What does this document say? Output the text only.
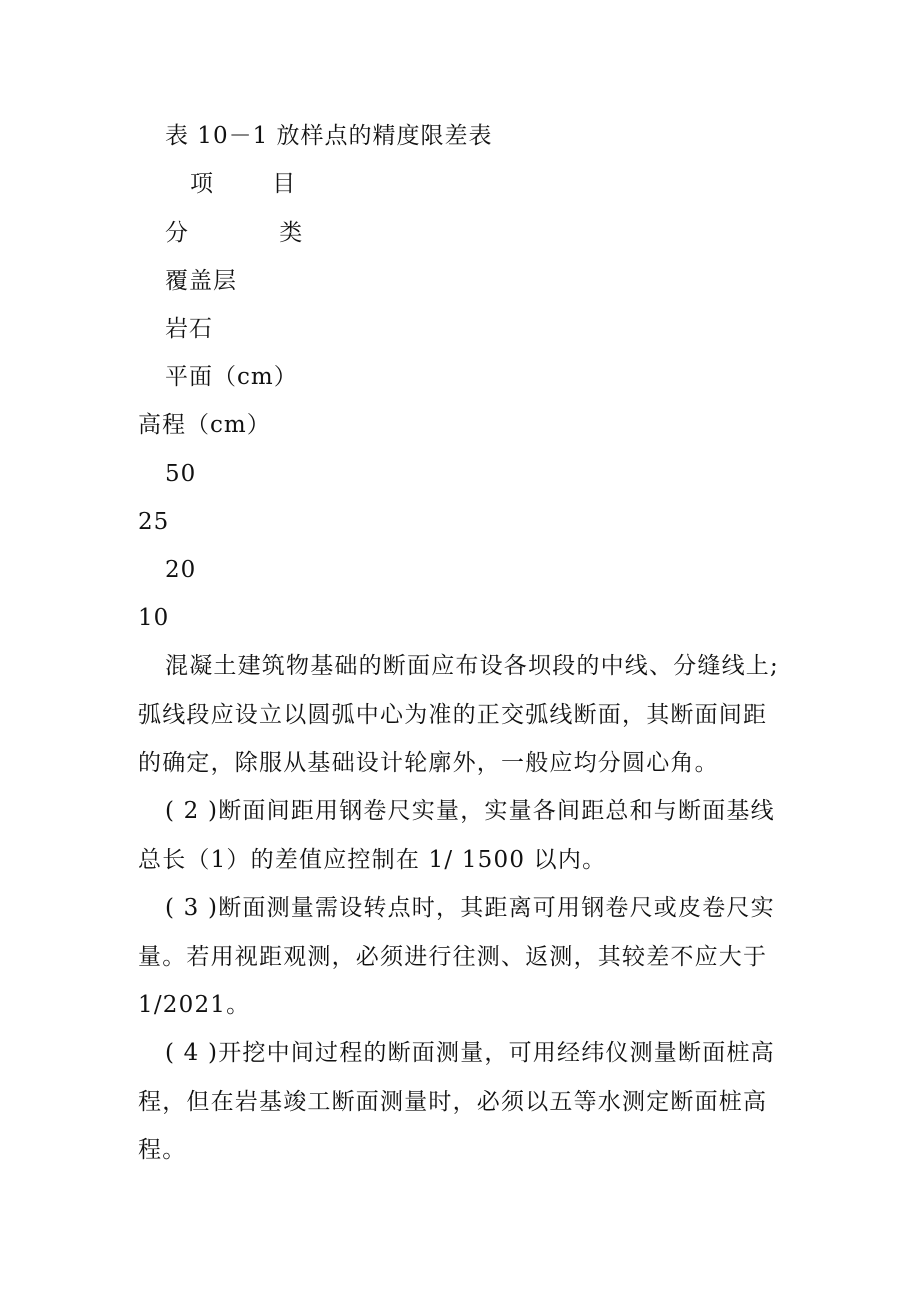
表 10－1 放样点的精度限差表
项 目
分 类
覆盖层
岩石
平面（cm）
高程（cm）
50
25
20
10
混凝土建筑物基础的断面应布设各坝段的中线、分缝线上;弧线段应设立以圆弧中心为准的正交弧线断面，其断面间距的确定，除服从基础设计轮廓外，一般应均分圆心角。
( 2 )断面间距用钢卷尺实量，实量各间距总和与断面基线总长（1）的差值应控制在 1/ 1500 以内。
( 3 )断面测量需设转点时，其距离可用钢卷尺或皮卷尺实量。若用视距观测，必须进行往测、返测，其较差不应大于 1/2021。
( 4 )开挖中间过程的断面测量，可用经纬仪测量断面桩高程，但在岩基竣工断面测量时，必须以五等水测定断面桩高程。
